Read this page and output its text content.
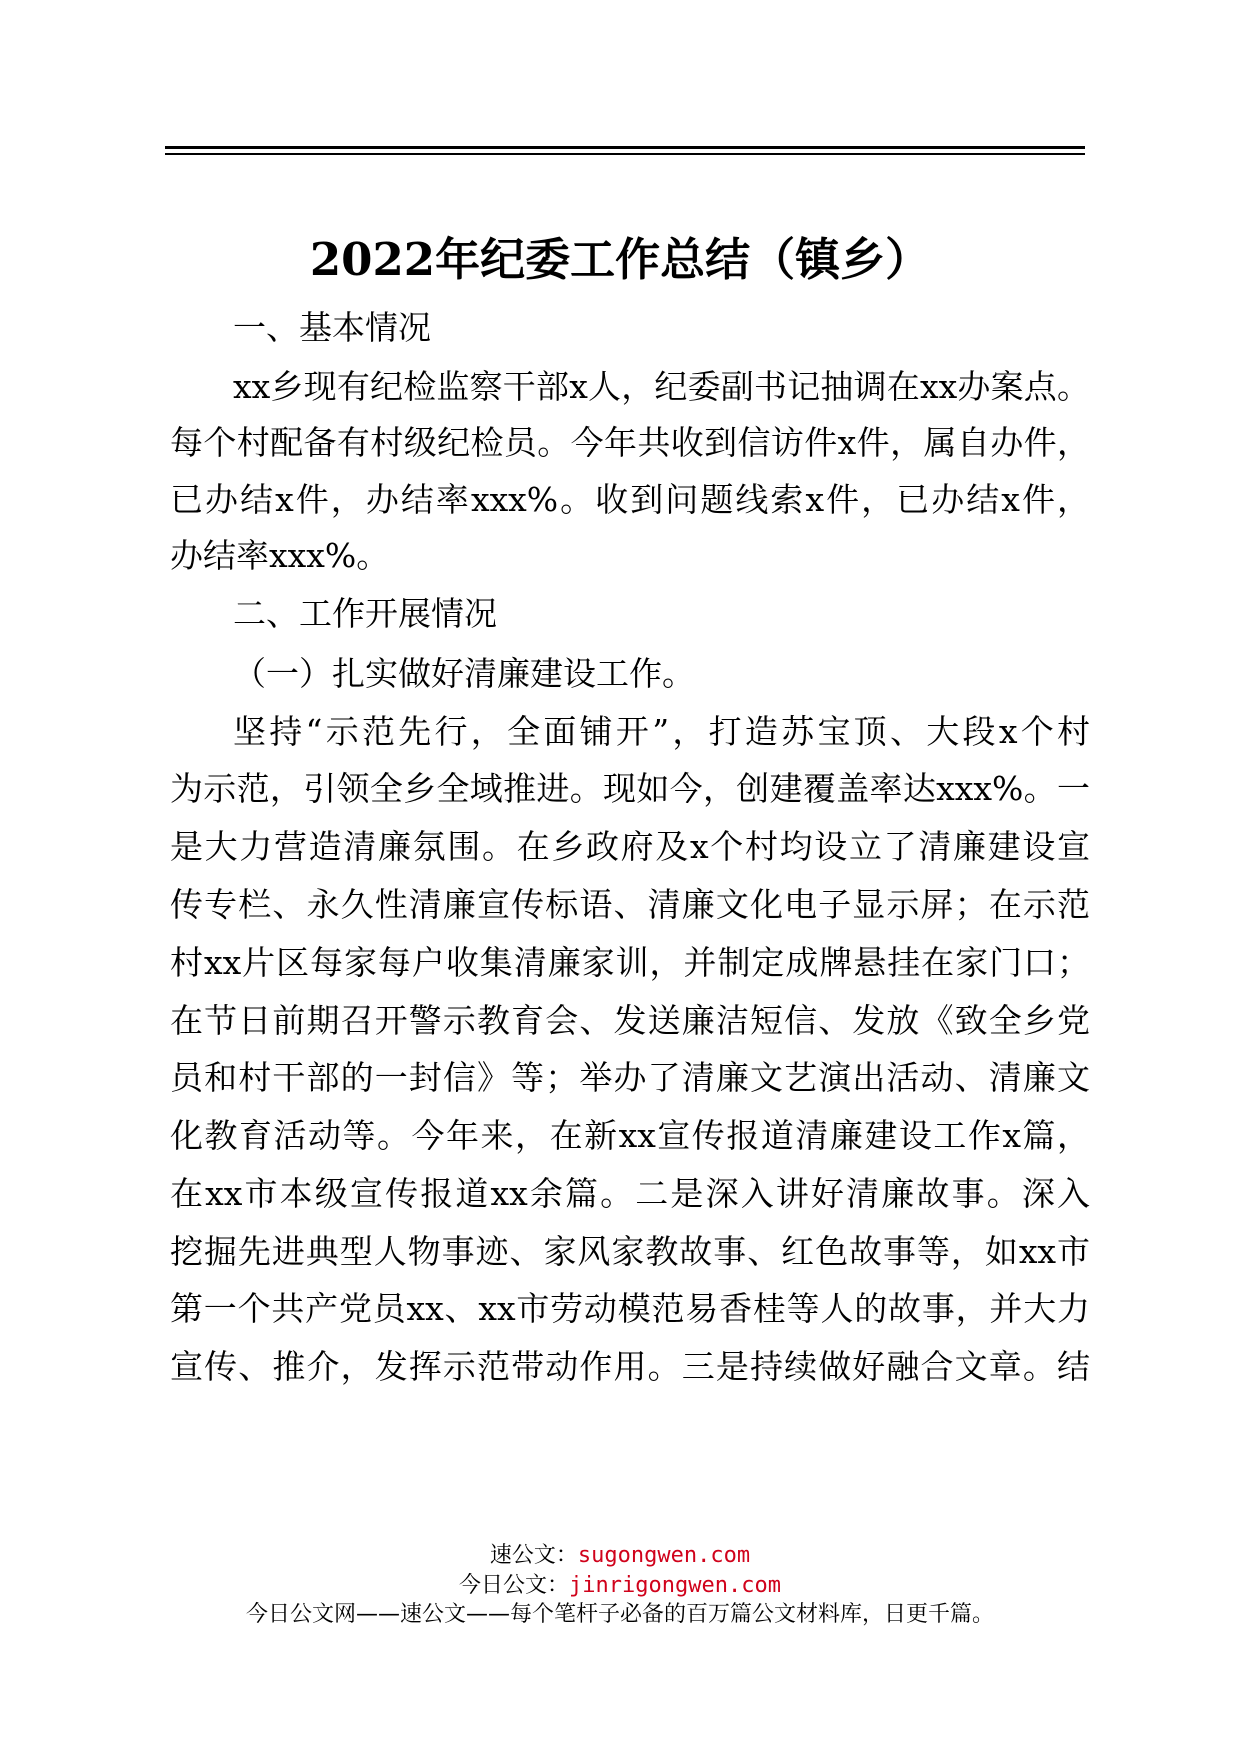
2022年纪委工作总结（镇乡）
一、基本情况
xx乡现有纪检监察干部x人，纪委副书记抽调在xx办案点。
每个村配备有村级纪检员。今年共收到信访件x件，属自办件，
已办结x件，办结率xxx%。收到问题线索x件，已办结x件，
办结率xxx%。
二、工作开展情况
（一）扎实做好清廉建设工作。
坚持“示范先行，全面铺开”，打造苏宝顶、大段x个村
为示范，引领全乡全域推进。现如今，创建覆盖率达xxx%。一
是大力营造清廉氛围。在乡政府及x个村均设立了清廉建设宣
传专栏、永久性清廉宣传标语、清廉文化电子显示屏；在示范
村xx片区每家每户收集清廉家训，并制定成牌悬挂在家门口；
在节日前期召开警示教育会、发送廉洁短信、发放《致全乡党
员和村干部的一封信》等；举办了清廉文艺演出活动、清廉文
化教育活动等。今年来，在新xx宣传报道清廉建设工作x篇，
在xx市本级宣传报道xx余篇。二是深入讲好清廉故事。深入
挖掘先进典型人物事迹、家风家教故事、红色故事等，如xx市
第一个共产党员xx、xx市劳动模范易香桂等人的故事，并大力
宣传、推介，发挥示范带动作用。三是持续做好融合文章。结
速公文：sugongwen.com
今日公文：jinrigongwen.com
今日公文网——速公文——每个笔杆子必备的百万篇公文材料库，日更千篇。
